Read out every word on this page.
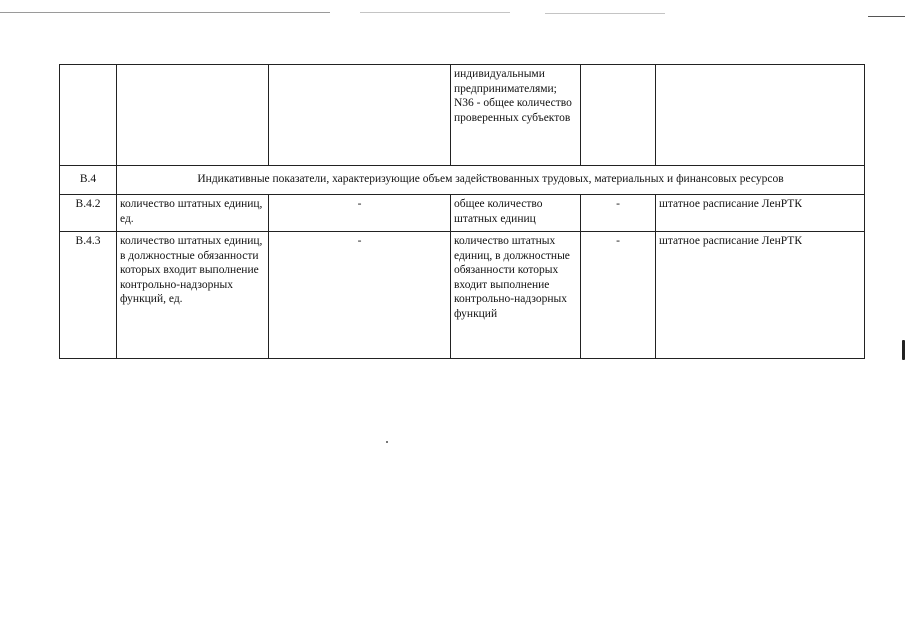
			индивидуальными предпринимателями; N36 - общее количество проверенных субъектов		
B.4	Индикативные показатели, характеризующие объем задействованных трудовых, материальных и финансовых ресурсов				
B.4.2	количество штатных единиц, ед.	-	общее количество штатных единиц	-	штатное расписание ЛенРТК
B.4.3	количество штатных единиц, в должностные обязанности которых входит выполнение контрольно-надзорных функций, ед.	-	количество штатных единиц, в должностные обязанности которых входит выполнение контрольно-надзорных функций	-	штатное расписание ЛенРТК
